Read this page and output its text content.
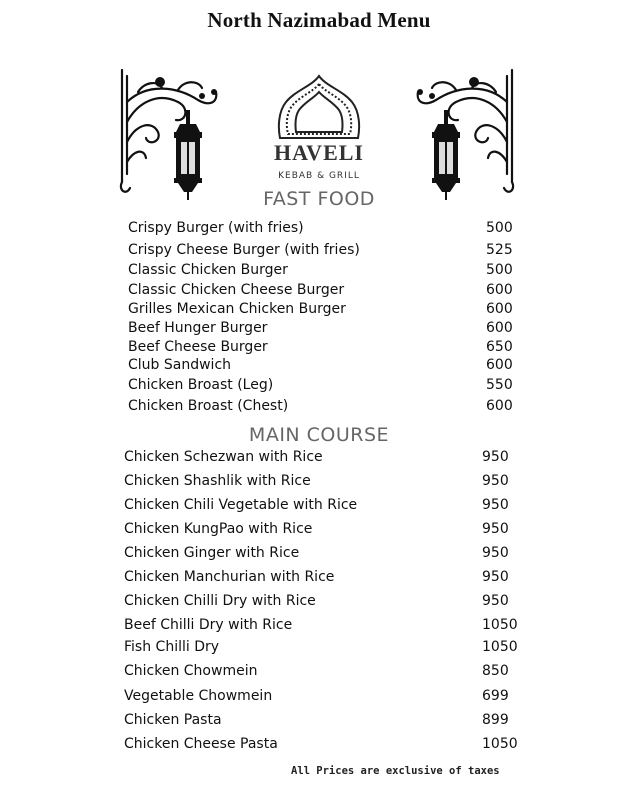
North Nazimabad Menu
HAVELI
KEBAB & GRILL
FAST FOOD
Crispy Burger (with fries)	500
Crispy Cheese Burger (with fries)	525
Classic Chicken Burger	500
Classic Chicken Cheese Burger	600
Grilles Mexican Chicken Burger	600
Beef Hunger Burger	600
Beef Cheese Burger	650
Club Sandwich	600
Chicken Broast (Leg)	550
Chicken Broast (Chest)	600
MAIN COURSE
Chicken Schezwan with Rice	950
Chicken Shashlik with Rice	950
Chicken Chili Vegetable with Rice	950
Chicken KungPao with Rice	950
Chicken Ginger with Rice	950
Chicken Manchurian with Rice	950
Chicken Chilli Dry with Rice	950
Beef Chilli Dry with Rice	1050
Fish Chilli Dry	1050
Chicken Chowmein	850
Vegetable Chowmein	699
Chicken Pasta	899
Chicken Cheese Pasta	1050
All Prices are exclusive of taxes
